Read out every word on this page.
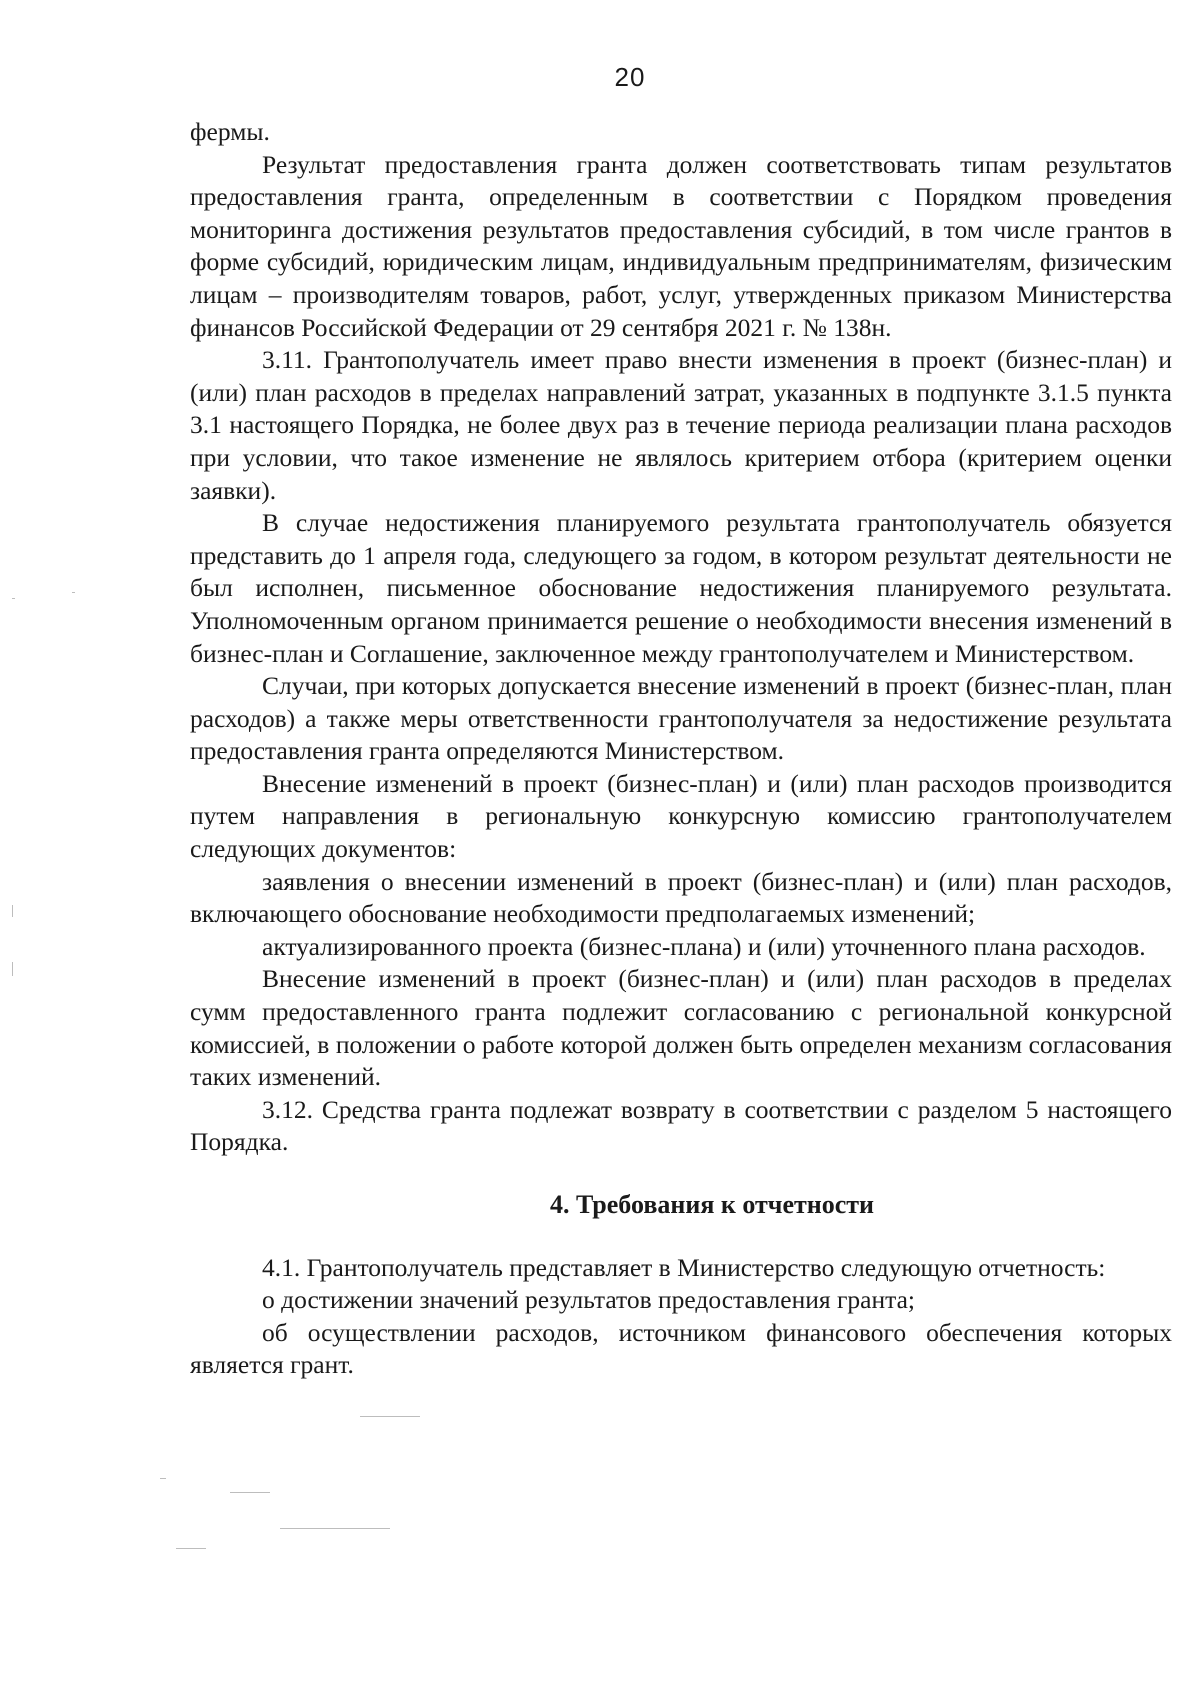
20

фермы.

Результат предоставления гранта должен соответствовать типам результатов предоставления гранта, определенным в соответствии с Порядком проведения мониторинга достижения результатов предоставления субсидий, в том числе грантов в форме субсидий, юридическим лицам, индивидуальным предпринимателям, физическим лицам – производителям товаров, работ, услуг, утвержденных приказом Министерства финансов Российской Федерации от 29 сентября 2021 г. № 138н.

3.11. Грантополучатель имеет право внести изменения в проект (бизнес-план) и (или) план расходов в пределах направлений затрат, указанных в подпункте 3.1.5 пункта 3.1 настоящего Порядка, не более двух раз в течение периода реализации плана расходов при условии, что такое изменение не являлось критерием отбора (критерием оценки заявки).

В случае недостижения планируемого результата грантополучатель обязуется представить до 1 апреля года, следующего за годом, в котором результат деятельности не был исполнен, письменное обоснование недостижения планируемого результата. Уполномоченным органом принимается решение о необходимости внесения изменений в бизнес-план и Соглашение, заключенное между грантополучателем и Министерством.

Случаи, при которых допускается внесение изменений в проект (бизнес-план, план расходов) а также меры ответственности грантополучателя за недостижение результата предоставления гранта определяются Министерством.

Внесение изменений в проект (бизнес-план) и (или) план расходов производится путем направления в региональную конкурсную комиссию грантополучателем следующих документов:

заявления о внесении изменений в проект (бизнес-план) и (или) план расходов, включающего обоснование необходимости предполагаемых изменений;

актуализированного проекта (бизнес-плана) и (или) уточненного плана расходов.

Внесение изменений в проект (бизнес-план) и (или) план расходов в пределах сумм предоставленного гранта подлежит согласованию с региональной конкурсной комиссией, в положении о работе которой должен быть определен механизм согласования таких изменений.

3.12. Средства гранта подлежат возврату в соответствии с разделом 5 настоящего Порядка.

4. Требования к отчетности

4.1. Грантополучатель представляет в Министерство следующую отчетность:

о достижении значений результатов предоставления гранта;

об осуществлении расходов, источником финансового обеспечения которых является грант.
